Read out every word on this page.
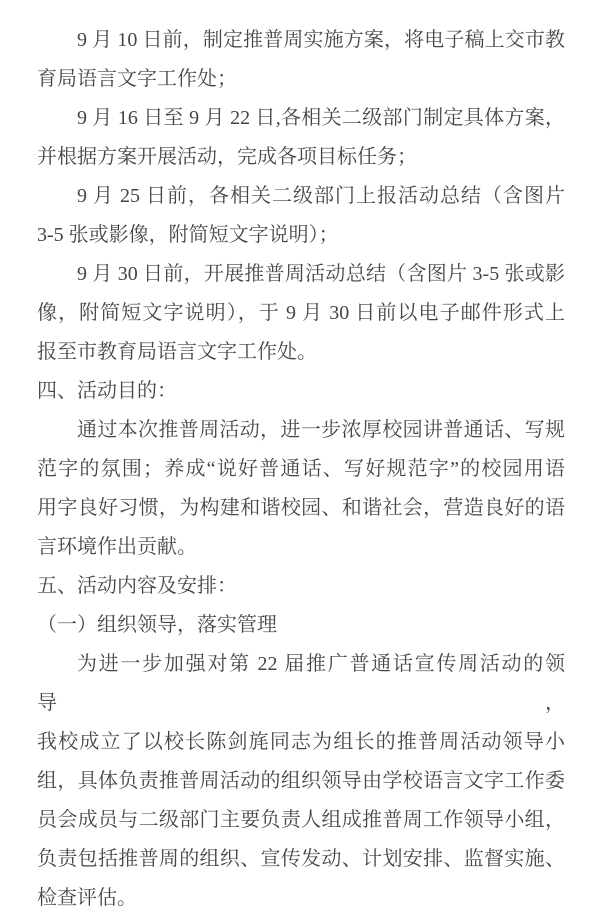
9 月 10 日前，制定推普周实施方案，将电子稿上交市教
育局语言文字工作处；
9 月 16 日至 9 月 22 日,各相关二级部门制定具体方案，
并根据方案开展活动，完成各项目标任务；
9 月 25 日前，各相关二级部门上报活动总结（含图片
3-5 张或影像，附简短文字说明）；
9 月 30 日前，开展推普周活动总结（含图片 3-5 张或影
像，附简短文字说明），于 9 月 30 日前以电子邮件形式上
报至市教育局语言文字工作处。
四、活动目的：
通过本次推普周活动，进一步浓厚校园讲普通话、写规
范字的氛围；养成“说好普通话、写好规范字”的校园用语
用字良好习惯，为构建和谐校园、和谐社会，营造良好的语
言环境作出贡献。
五、活动内容及安排：
（一）组织领导，落实管理
为进一步加强对第 22 届推广普通话宣传周活动的领导，
我校成立了以校长陈剑旄同志为组长的推普周活动领导小
组，具体负责推普周活动的组织领导由学校语言文字工作委
员会成员与二级部门主要负责人组成推普周工作领导小组，
负责包括推普周的组织、宣传发动、计划安排、监督实施、
检查评估。
